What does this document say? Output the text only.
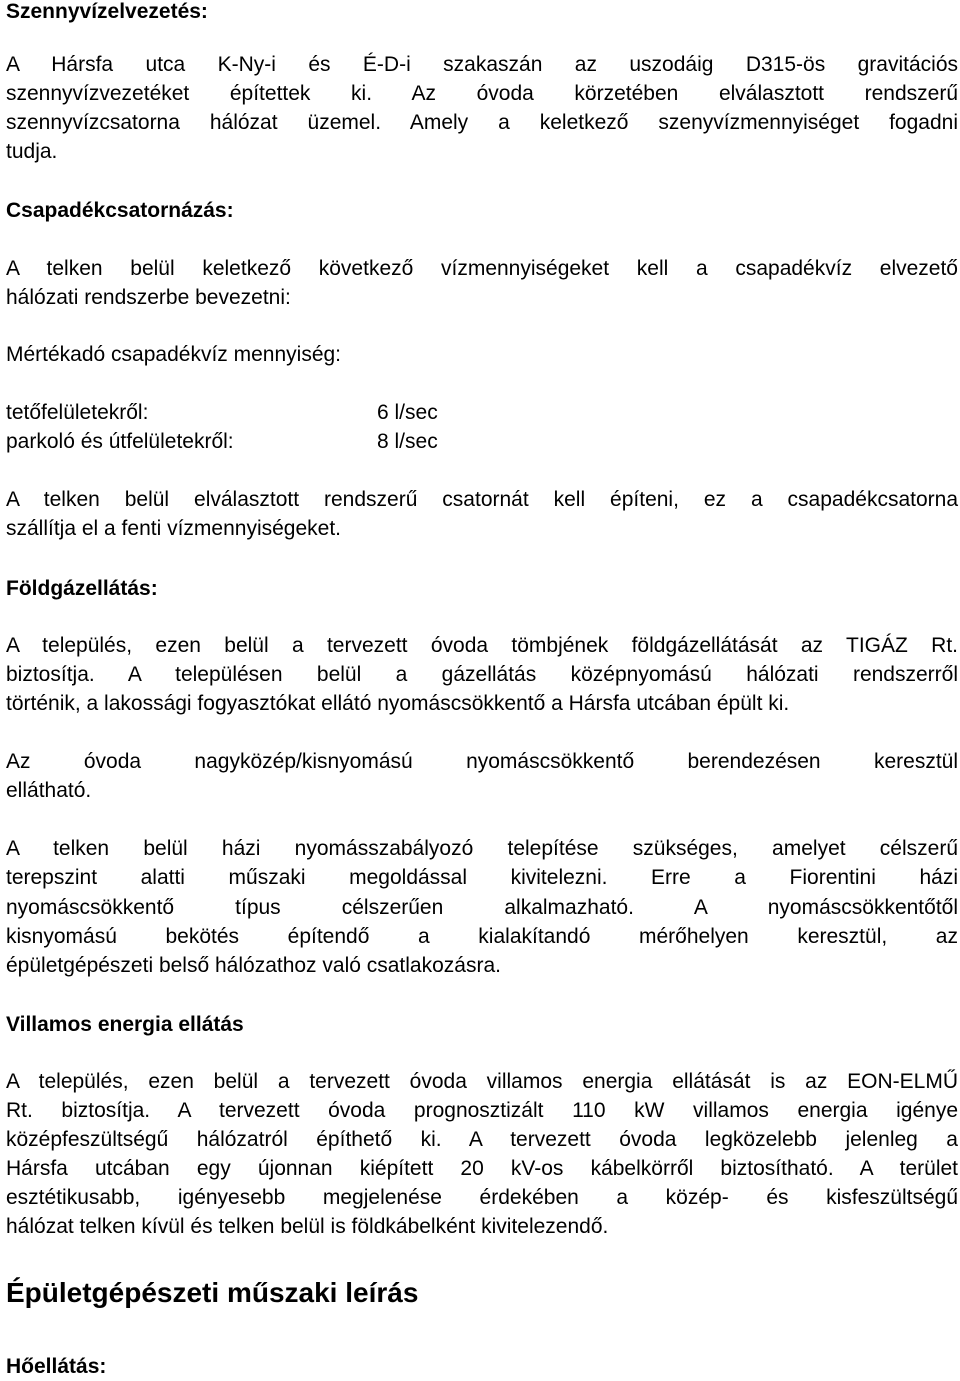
Szennyvízelvezetés:
A Hársfa utca K-Ny-i és É-D-i szakaszán az uszodáig D315-ös gravitációs
szennyvízvezetéket építettek ki. Az óvoda körzetében elválasztott rendszerű
szennyvízcsatorna hálózat üzemel. Amely a keletkező szenyvízmennyiséget fogadni
tudja.
Csapadékcsatornázás:
A telken belül keletkező következő vízmennyiségeket kell a csapadékvíz elvezető
hálózati rendszerbe bevezetni:
Mértékadó csapadékvíz mennyiség:
tetőfelületekről:	6 l/sec
parkoló és útfelületekről:	8 l/sec
A telken belül elválasztott rendszerű csatornát kell építeni, ez a csapadékcsatorna
szállítja el a fenti vízmennyiségeket.
Földgázellátás:
A település, ezen belül a tervezett óvoda tömbjének földgázellátását az TIGÁZ Rt.
biztosítja. A településen belül a gázellátás középnyomású hálózati rendszerről
történik, a lakossági fogyasztókat ellátó nyomáscsökkentő a Hársfa utcában épült ki.
Az óvoda nagyközép/kisnyomású nyomáscsökkentő berendezésen keresztül
ellátható.
A telken belül házi nyomásszabályozó telepítése szükséges, amelyet célszerű
terepszint alatti műszaki megoldással kivitelezni. Erre a Fiorentini házi
nyomáscsökkentő típus célszerűen alkalmazható. A nyomáscsökkentőtől
kisnyomású bekötés építendő a kialakítandó mérőhelyen keresztül, az
épületgépészeti belső hálózathoz való csatlakozásra.
Villamos energia ellátás
A település, ezen belül a tervezett óvoda villamos energia ellátását is az EON-ELMŰ
Rt. biztosítja. A tervezett óvoda prognosztizált 110 kW villamos energia igénye
középfeszültségű hálózatról építhető ki. A tervezett óvoda legközelebb jelenleg a
Hársfa utcában egy újonnan kiépített 20 kV-os kábelkörről biztosítható. A terület
esztétikusabb, igényesebb megjelenése érdekében a közép- és kisfeszültségű
hálózat telken kívül és telken belül is földkábelként kivitelezendő.
Épületgépészeti műszaki leírás
Hőellátás:
